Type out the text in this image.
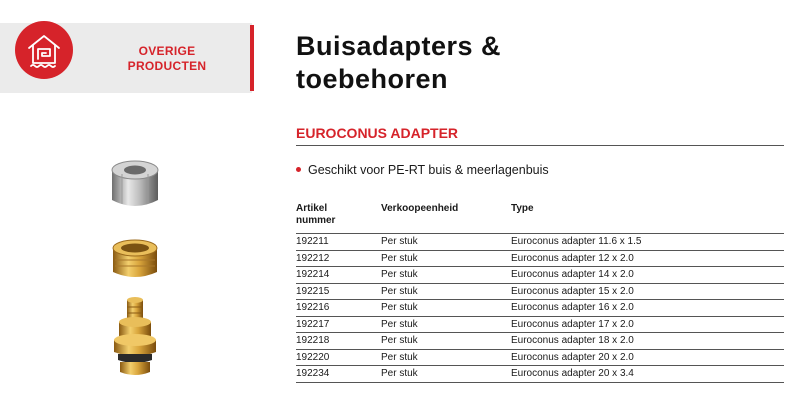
OVERIGE
PRODUCTEN
Buisadapters &
toebehoren
EUROCONUS ADAPTER
Geschikt voor PE-RT buis & meerlagenbuis
Artikel
nummer	Verkoopeenheid	Type
192211	Per stuk	Euroconus adapter 11.6 x 1.5
192212	Per stuk	Euroconus adapter 12 x 2.0
192214	Per stuk	Euroconus adapter 14 x 2.0
192215	Per stuk	Euroconus adapter 15 x 2.0
192216	Per stuk	Euroconus adapter 16 x 2.0
192217	Per stuk	Euroconus adapter 17 x 2.0
192218	Per stuk	Euroconus adapter 18 x 2.0
192220	Per stuk	Euroconus adapter 20 x 2.0
192234	Per stuk	Euroconus adapter 20 x 3.4
